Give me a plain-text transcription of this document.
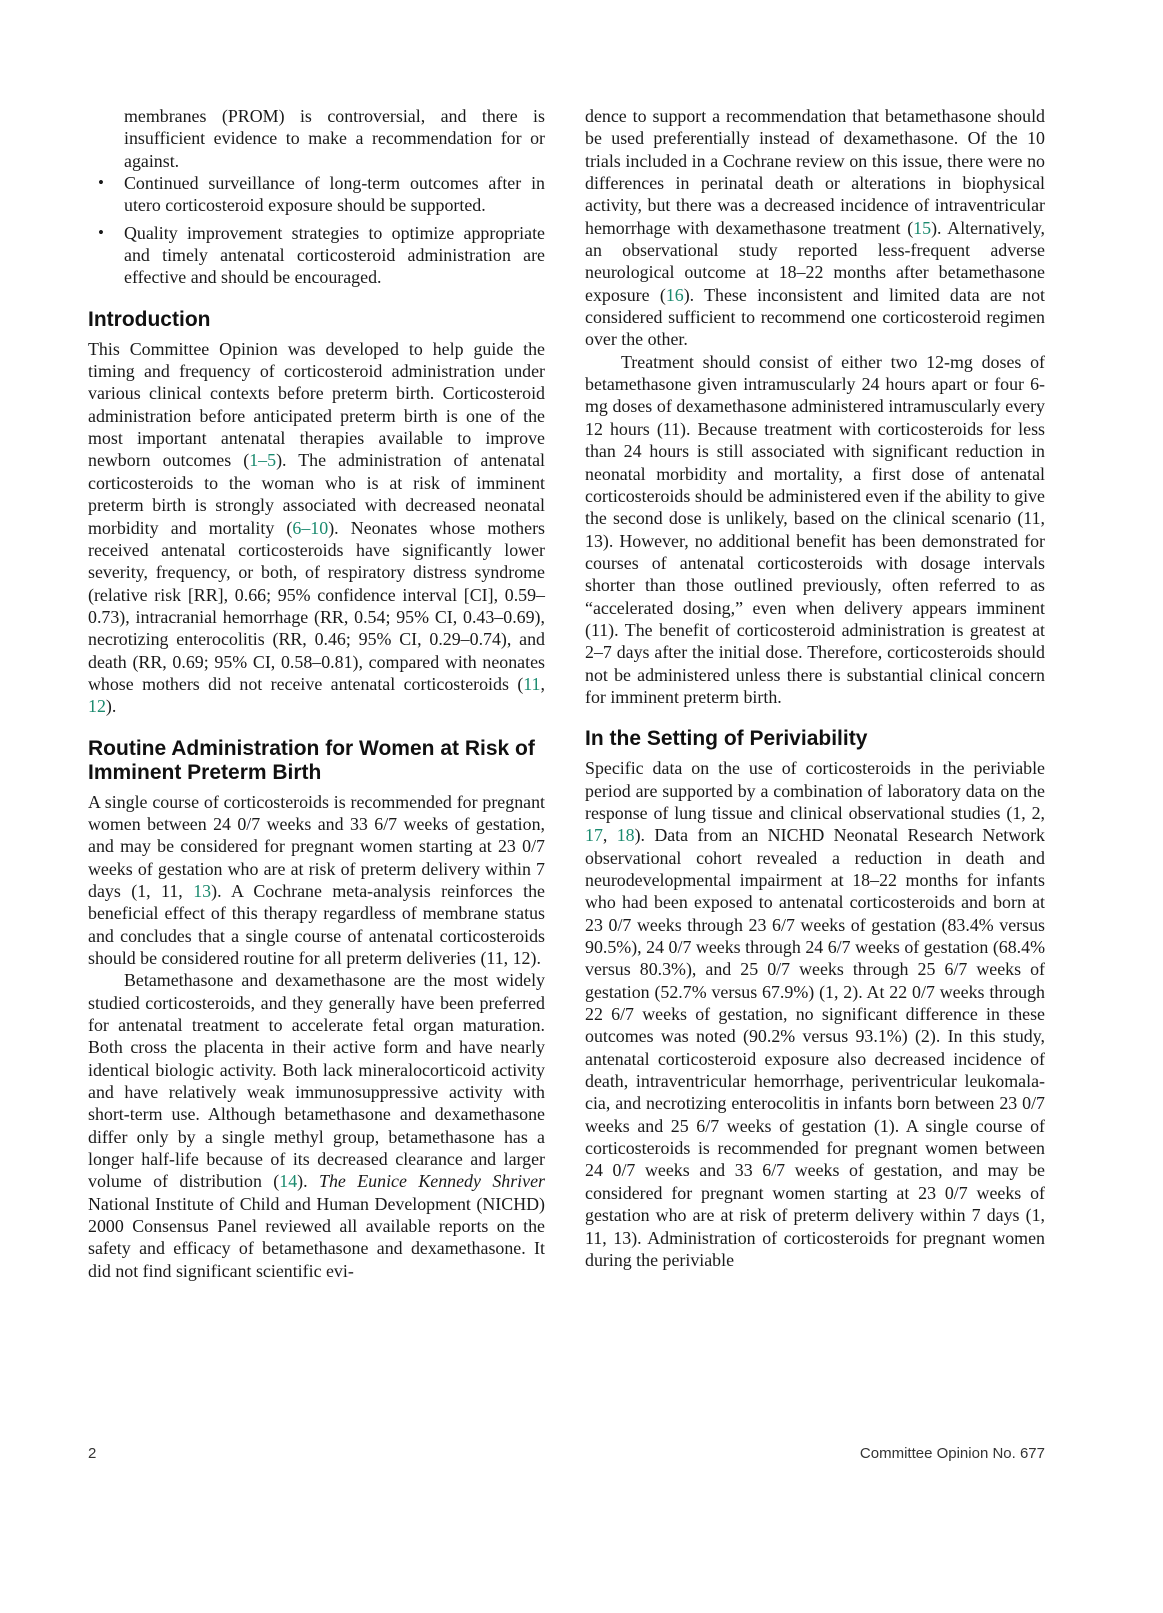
membranes (PROM) is controversial, and there is insufficient evidence to make a recommendation for or against.

• Continued surveillance of long-term outcomes after in utero corticosteroid exposure should be supported.

• Quality improvement strategies to optimize appropriate and timely antenatal corticosteroid administration are effective and should be encouraged.

Introduction

This Committee Opinion was developed to help guide the timing and frequency of corticosteroid administration under various clinical contexts before preterm birth. Corticosteroid administration before anticipated preterm birth is one of the most important antenatal therapies available to improve newborn outcomes (1–5). The administration of antenatal corticosteroids to the woman who is at risk of imminent preterm birth is strongly associated with decreased neonatal morbidity and mortality (6–10). Neonates whose mothers received antenatal corticosteroids have significantly lower severity, frequency, or both, of respiratory distress syndrome (relative risk [RR], 0.66; 95% confidence interval [CI], 0.59–0.73), intracranial hemorrhage (RR, 0.54; 95% CI, 0.43–0.69), necrotizing enterocolitis (RR, 0.46; 95% CI, 0.29–0.74), and death (RR, 0.69; 95% CI, 0.58–0.81), compared with neonates whose mothers did not receive antenatal corticosteroids (11, 12).

Routine Administration for Women at Risk of Imminent Preterm Birth

A single course of corticosteroids is recommended for pregnant women between 24 0/7 weeks and 33 6/7 weeks of gestation, and may be considered for pregnant women starting at 23 0/7 weeks of gestation who are at risk of preterm delivery within 7 days (1, 11, 13). A Cochrane meta-analysis reinforces the beneficial effect of this therapy regardless of membrane status and concludes that a single course of antenatal corticosteroids should be considered routine for all preterm deliveries (11, 12).

Betamethasone and dexamethasone are the most widely studied corticosteroids, and they generally have been preferred for antenatal treatment to accelerate fetal organ maturation. Both cross the placenta in their active form and have nearly identical biologic activity. Both lack mineralocorticoid activity and have relatively weak immunosuppressive activity with short-term use. Although betamethasone and dexamethasone differ only by a single methyl group, betamethasone has a longer half-life because of its decreased clearance and larger volume of distribution (14). The Eunice Kennedy Shriver National Institute of Child and Human Development (NICHD) 2000 Consensus Panel reviewed all available reports on the safety and efficacy of betamethasone and dexamethasone. It did not find significant scientific evi-

dence to support a recommendation that betamethasone should be used preferentially instead of dexamethasone. Of the 10 trials included in a Cochrane review on this issue, there were no differences in perinatal death or alterations in biophysical activity, but there was a decreased incidence of intraventricular hemorrhage with dexamethasone treatment (15). Alternatively, an observational study reported less-frequent adverse neurological outcome at 18–22 months after betamethasone exposure (16). These inconsistent and limited data are not considered sufficient to recommend one corticosteroid regimen over the other.

Treatment should consist of either two 12-mg doses of betamethasone given intramuscularly 24 hours apart or four 6-mg doses of dexamethasone administered intramuscularly every 12 hours (11). Because treatment with corticosteroids for less than 24 hours is still associated with significant reduction in neonatal morbidity and mortality, a first dose of antenatal corticosteroids should be administered even if the ability to give the second dose is unlikely, based on the clinical scenario (11, 13). However, no additional benefit has been demonstrated for courses of antenatal corticosteroids with dosage intervals shorter than those outlined previously, often referred to as “accelerated dosing,” even when delivery appears imminent (11). The benefit of corticosteroid administration is greatest at 2–7 days after the initial dose. Therefore, corticosteroids should not be administered unless there is substantial clinical concern for imminent preterm birth.

In the Setting of Periviability

Specific data on the use of corticosteroids in the periviable period are supported by a combination of laboratory data on the response of lung tissue and clinical observational studies (1, 2, 17, 18). Data from an NICHD Neonatal Research Network observational cohort revealed a reduction in death and neurodevelopmental impairment at 18–22 months for infants who had been exposed to antenatal corticosteroids and born at 23 0/7 weeks through 23 6/7 weeks of gestation (83.4% versus 90.5%), 24 0/7 weeks through 24 6/7 weeks of gestation (68.4% versus 80.3%), and 25 0/7 weeks through 25 6/7 weeks of gestation (52.7% versus 67.9%) (1, 2). At 22 0/7 weeks through 22 6/7 weeks of gestation, no significant difference in these outcomes was noted (90.2% versus 93.1%) (2). In this study, antenatal corticosteroid exposure also decreased incidence of death, intraventricular hemorrhage, periventricular leukomalacia, and necrotizing enterocolitis in infants born between 23 0/7 weeks and 25 6/7 weeks of gestation (1). A single course of corticosteroids is recommended for pregnant women between 24 0/7 weeks and 33 6/7 weeks of gestation, and may be considered for pregnant women starting at 23 0/7 weeks of gestation who are at risk of preterm delivery within 7 days (1, 11, 13). Administration of corticosteroids for pregnant women during the periviable

2	Committee Opinion No. 677
